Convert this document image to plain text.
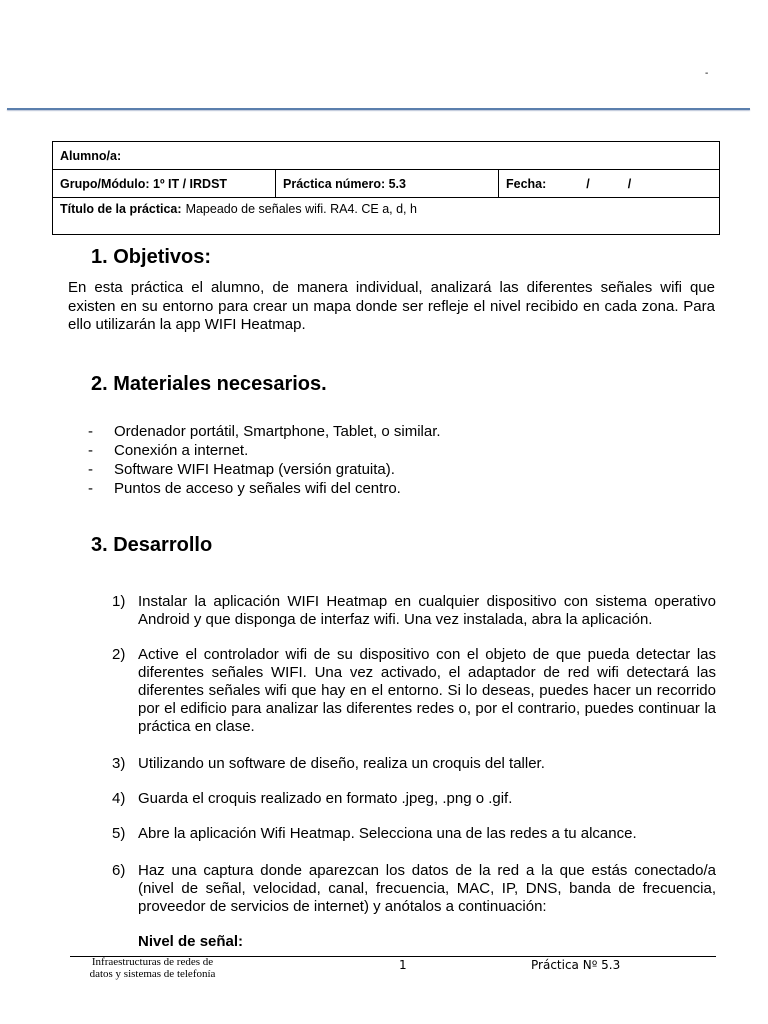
-
Alumno/a:
Grupo/Módulo: 1º IT / IRDST	Práctica número: 5.3	Fecha:	/	/
Título de la práctica: Mapeado de señales wifi. RA4. CE a, d, h
1. Objetivos:

En esta práctica el alumno, de manera individual, analizará las diferentes señales wifi que existen en su entorno para crear un mapa donde ser refleje el nivel recibido en cada zona. Para ello utilizarán la app WIFI Heatmap.

2. Materiales necesarios.
- Ordenador portátil, Smartphone, Tablet, o similar.
- Conexión a internet.
- Software WIFI Heatmap (versión gratuita).
- Puntos de acceso y señales wifi del centro.
3. Desarrollo
1) Instalar la aplicación WIFI Heatmap en cualquier dispositivo con sistema operativo Android y que disponga de interfaz wifi. Una vez instalada, abra la aplicación.
2) Active el controlador wifi de su dispositivo con el objeto de que pueda detectar las diferentes señales WIFI. Una vez activado, el adaptador de red wifi detectará las diferentes señales wifi que hay en el entorno. Si lo deseas, puedes hacer un recorrido por el edificio para analizar las diferentes redes o, por el contrario, puedes continuar la práctica en clase.
3) Utilizando un software de diseño, realiza un croquis del taller.
4) Guarda el croquis realizado en formato .jpeg, .png o .gif.
5) Abre la aplicación Wifi Heatmap. Selecciona una de las redes a tu alcance.
6) Haz una captura donde aparezcan los datos de la red a la que estás conectado/a (nivel de señal, velocidad, canal, frecuencia, MAC, IP, DNS, banda de frecuencia, proveedor de servicios de internet) y anótalos a continuación:
Nivel de señal:
Infraestructuras de redes de datos y sistemas de telefonía
1	Práctica Nº 5.3
